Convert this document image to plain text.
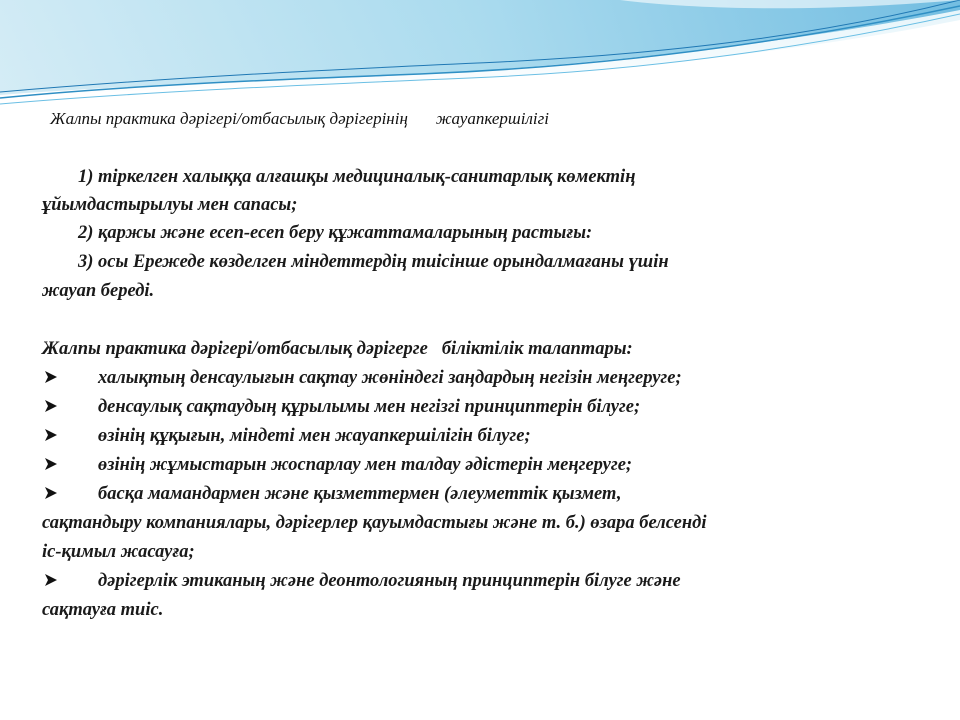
Жалпы практика дәрігері/отбасылық дәрігерінің жауапкершілігі
1) тіркелген халыққа алғашқы медициналық-санитарлық көмектің
ұйымдастырылуы мен сапасы;
2) қаржы және есеп-есеп беру құжаттамаларының растығы:
3) осы Ережеде көзделген міндеттердің тиісінше орындалмағаны үшін
жауап береді.
Жалпы практика дәрігері/отбасылық дәрігерге біліктілік талаптары:
халықтың денсаулығын сақтау жөніндегі заңдардың негізін меңгеруге;
денсаулық сақтаудың құрылымы мен негізгі принциптерін білуге;
өзінің құқығын, міндеті мен жауапкершілігін білуге;
өзінің жұмыстарын жоспарлау мен талдау әдістерін меңгеруге;
басқа мамандармен және қызметтермен (әлеуметтік қызмет,
сақтандыру компаниялары, дәрігерлер қауымдастығы және т. б.) өзара белсенді
іс-қимыл жасауға;
дәрігерлік этиканың және деонтологияның принциптерін білуге және
сақтауға тиіс.
